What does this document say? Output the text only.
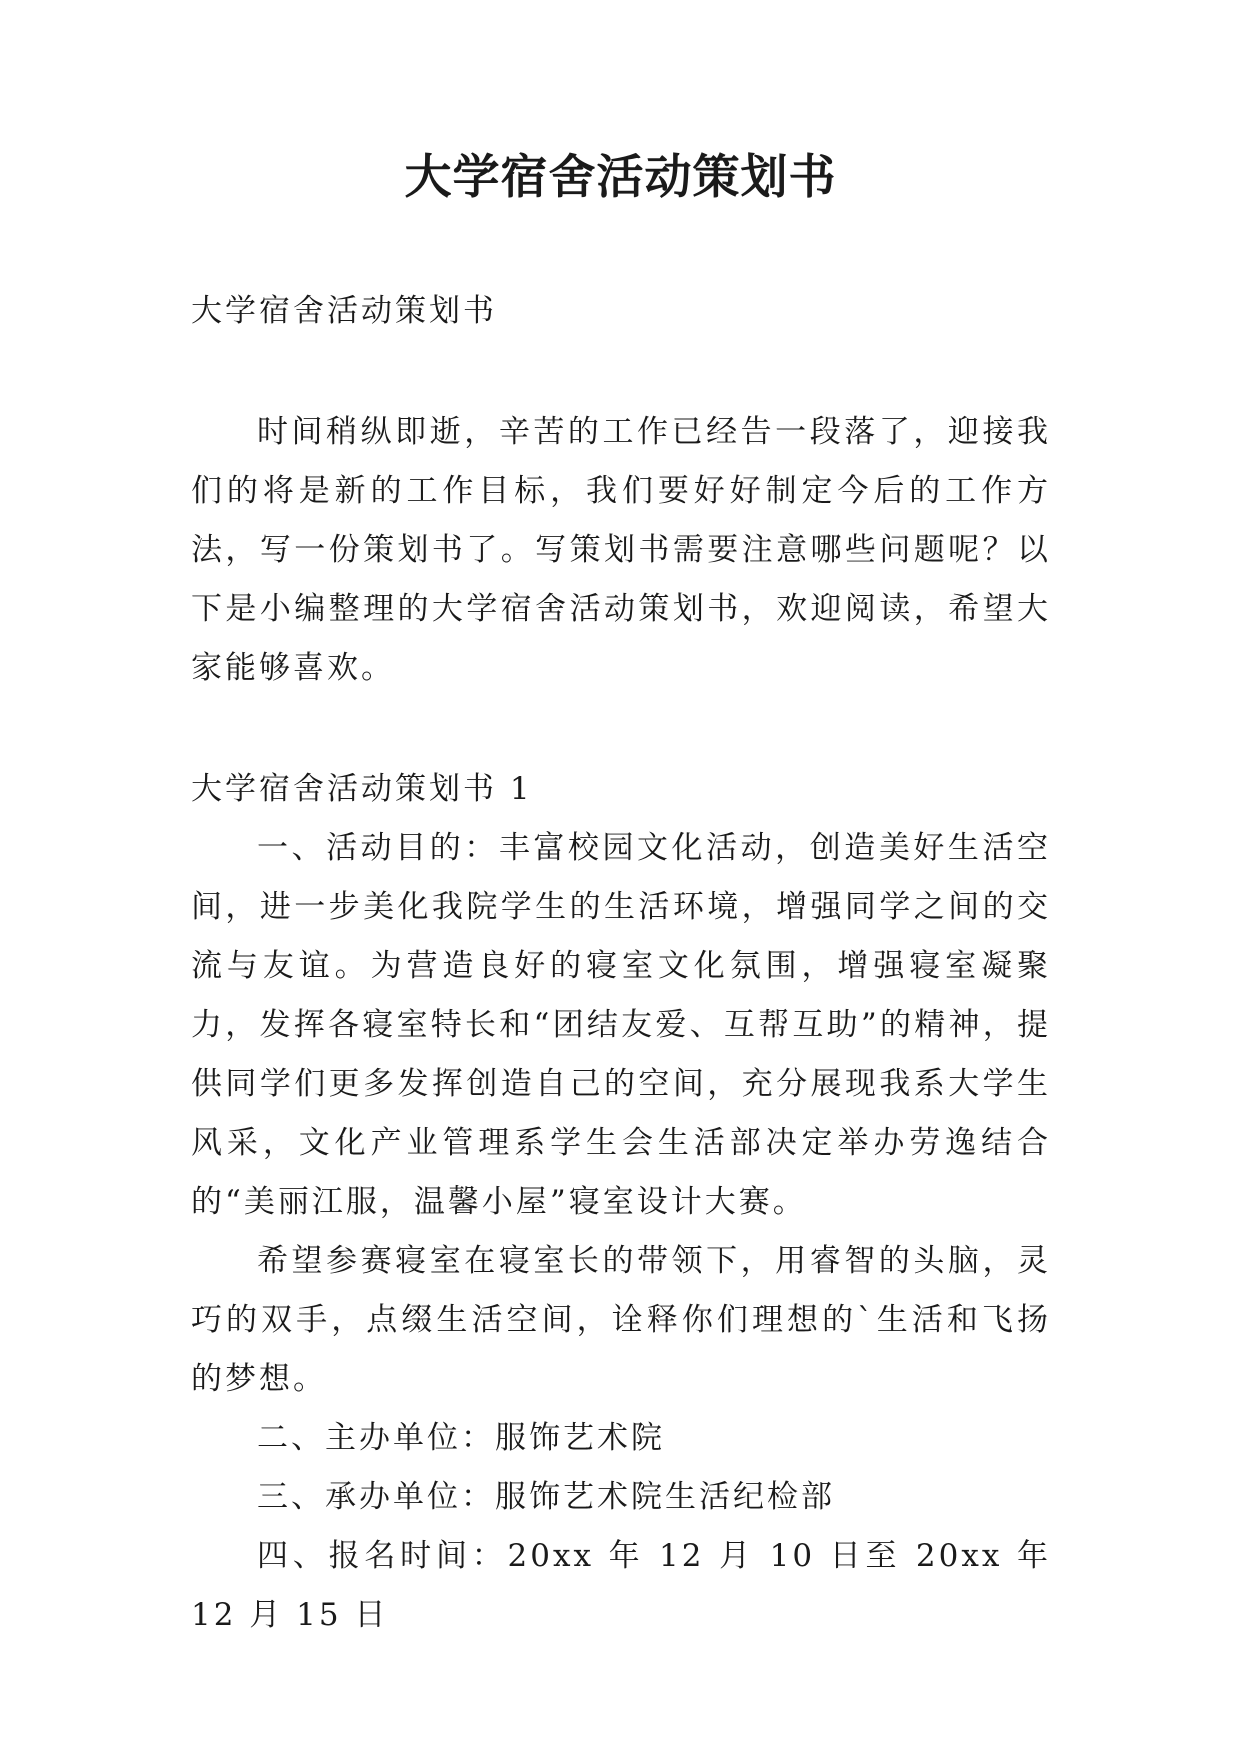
大学宿舍活动策划书

大学宿舍活动策划书

时间稍纵即逝，辛苦的工作已经告一段落了，迎接我们的将是新的工作目标，我们要好好制定今后的工作方法，写一份策划书了。写策划书需要注意哪些问题呢？以下是小编整理的大学宿舍活动策划书，欢迎阅读，希望大家能够喜欢。

大学宿舍活动策划书 1

一、活动目的：丰富校园文化活动，创造美好生活空间，进一步美化我院学生的生活环境，增强同学之间的交流与友谊。为营造良好的寝室文化氛围，增强寝室凝聚力，发挥各寝室特长和“团结友爱、互帮互助”的精神，提供同学们更多发挥创造自己的空间，充分展现我系大学生风采，文化产业管理系学生会生活部决定举办劳逸结合的“美丽江服，温馨小屋”寝室设计大赛。

希望参赛寝室在寝室长的带领下，用睿智的头脑，灵巧的双手，点缀生活空间，诠释你们理想的`生活和飞扬的梦想。

二、主办单位：服饰艺术院

三、承办单位：服饰艺术院生活纪检部

四、报名时间：20xx 年 12 月 10 日至 20xx 年 12 月 15 日
